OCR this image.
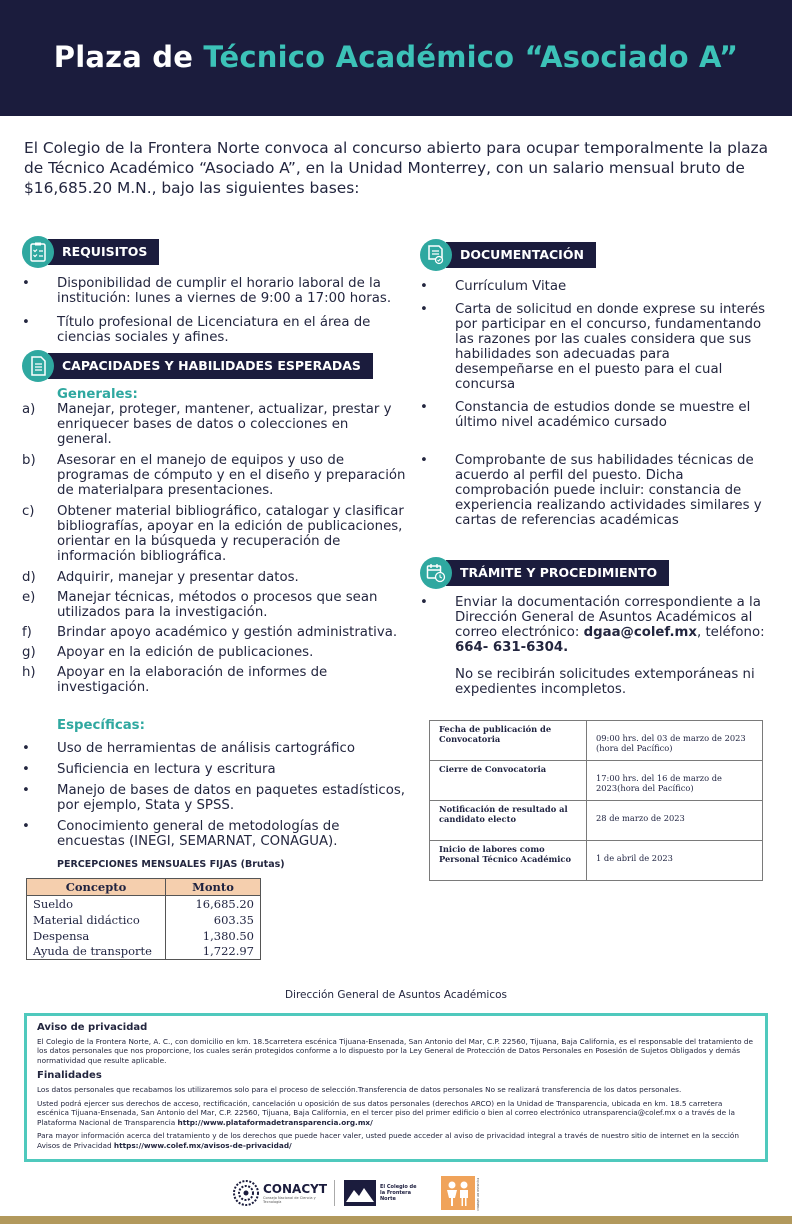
Plaza de Técnico Académico “Asociado A”

El Colegio de la Frontera Norte convoca al concurso abierto para ocupar temporalmente la plaza de Técnico Académico “Asociado A”, en la Unidad Monterrey, con un salario mensual bruto de $16,685.20 M.N., bajo las siguientes bases:

REQUISITOS
• Disponibilidad de cumplir el horario laboral de la institución: lunes a viernes de 9:00 a 17:00 horas.
• Título profesional de Licenciatura en el área de ciencias sociales y afines.
CAPACIDADES Y HABILIDADES ESPERADAS
Generales:
a) Manejar, proteger, mantener, actualizar, prestar y enriquecer bases de datos o colecciones en general.
b) Asesorar en el manejo de equipos y uso de programas de cómputo y en el diseño y preparación de materialpara presentaciones.
c) Obtener material bibliográfico, catalogar y clasificar bibliografías, apoyar en la edición de publicaciones, orientar en la búsqueda y recuperación de información bibliográfica.
d) Adquirir, manejar y presentar datos.
e) Manejar técnicas, métodos o procesos que sean utilizados para la investigación.
f) Brindar apoyo académico y gestión administrativa.
g) Apoyar en la edición de publicaciones.
h) Apoyar en la elaboración de informes de investigación.
Específicas:
• Uso de herramientas de análisis cartográfico
• Suficiencia en lectura y escritura
• Manejo de bases de datos en paquetes estadísticos, por ejemplo, Stata y SPSS.
• Conocimiento general de metodologías de encuestas (INEGI, SEMARNAT, CONAGUA).
PERCEPCIONES MENSUALES FIJAS (Brutas)
Concepto	Monto
Sueldo	16,685.20
Material didáctico	603.35
Despensa	1,380.50
Ayuda de transporte	1,722.97
DOCUMENTACIÓN
• Currículum Vitae
• Carta de solicitud en donde exprese su interés por participar en el concurso, fundamentando las razones por las cuales considera que sus habilidades son adecuadas para desempeñarse en el puesto para el cual concursa
• Constancia de estudios donde se muestre el último nivel académico cursado
• Comprobante de sus habilidades técnicas de acuerdo al perfil del puesto. Dicha comprobación puede incluir: constancia de experiencia realizando actividades similares y cartas de referencias académicas
TRÁMITE Y PROCEDIMIENTO
• Enviar la documentación correspondiente a la Dirección General de Asuntos Académicos al correo electrónico: dgaa@colef.mx, teléfono: 664- 631-6304.
No se recibirán solicitudes extemporáneas ni expedientes incompletos.
Fecha de publicación de Convocatoria	09:00 hrs. del 03 de marzo de 2023 (hora del Pacífico)
Cierre de Convocatoria	17:00 hrs. del 16 de marzo de 2023(hora del Pacífico)
Notificación de resultado al candidato electo	28 de marzo de 2023
Inicio de labores como Personal Técnico Académico	1 de abril de 2023
Dirección General de Asuntos Académicos
Aviso de privacidad

El Colegio de la Frontera Norte, A. C., con domicilio en km. 18.5carretera escénica Tijuana-Ensenada, San Antonio del Mar, C.P. 22560, Tijuana, Baja California, es el responsable del tratamiento de los datos personales que nos proporcione, los cuales serán protegidos conforme a lo dispuesto por la Ley General de Protección de Datos Personales en Posesión de Sujetos Obligados y demás normatividad que resulte aplicable.

Finalidades

Los datos personales que recabamos los utilizaremos solo para el proceso de selección.Transferencia de datos personales No se realizará transferencia de los datos personales.

Usted podrá ejercer sus derechos de acceso, rectificación, cancelación u oposición de sus datos personales (derechos ARCO) en la Unidad de Transparencia, ubicada en km. 18.5 carretera escénica Tijuana-Ensenada, San Antonio del Mar, C.P. 22560, Tijuana, Baja California, en el tercer piso del primer edificio o bien al correo electrónico utransparencia@colef.mx o a través de la Plataforma Nacional de Transparencia http://www.plataformadetransparencia.org.mx/

Para mayor información acerca del tratamiento y de los derechos que puede hacer valer, usted puede acceder al aviso de privacidad integral a través de nuestro sitio de internet en la sección Avisos de Privacidad https://www.colef.mx/avisos-de-privacidad/

CONACYT
Consejo Nacional de Ciencia y Tecnología
El Colegio de la Frontera Norte	EQUIDAD DE GÉNERO
